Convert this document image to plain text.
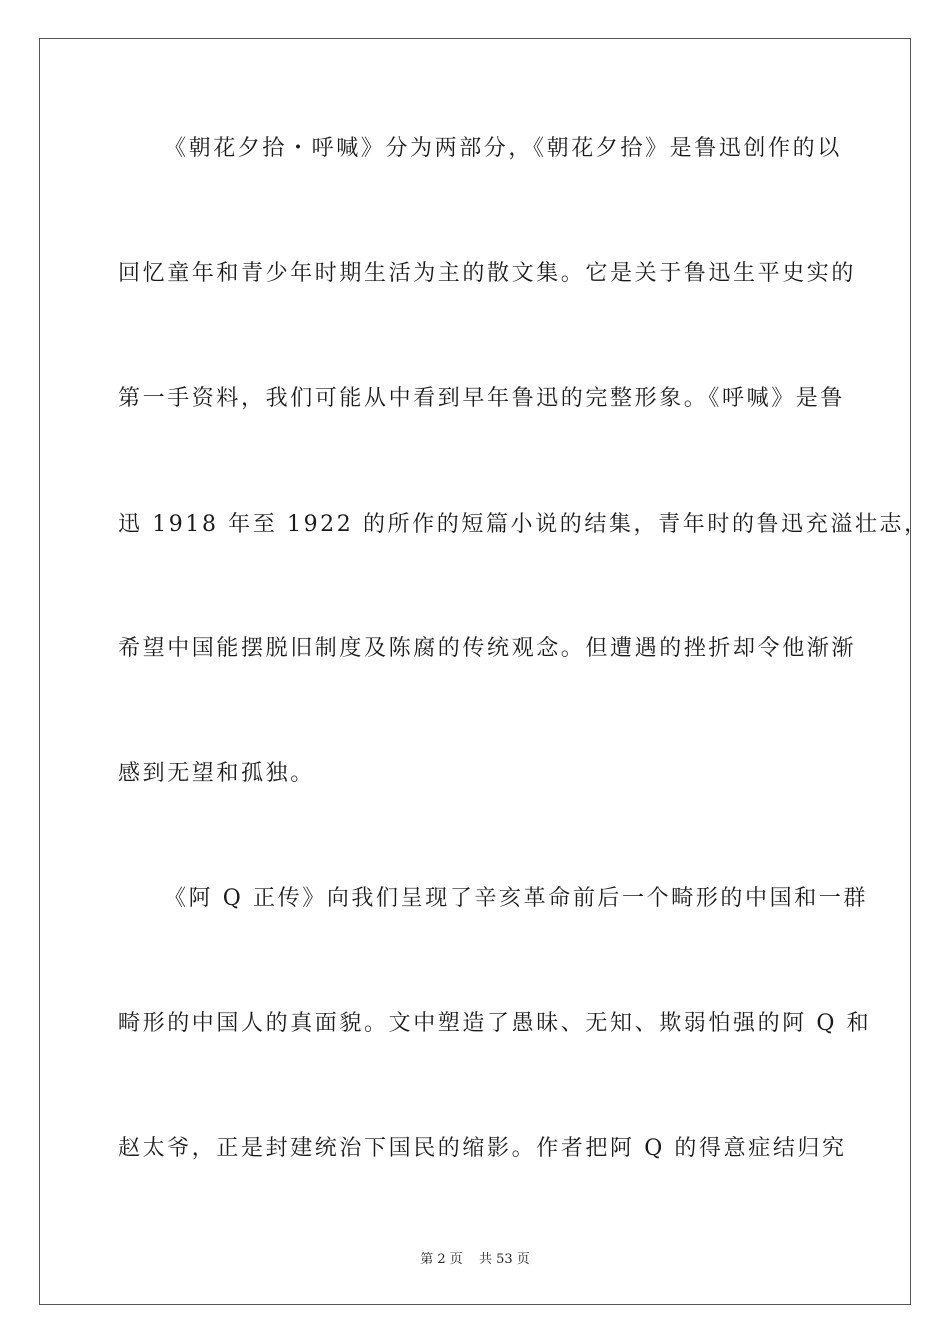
《朝花夕拾・呼喊》分为两部分，《朝花夕拾》是鲁迅创作的以
回忆童年和青少年时期生活为主的散文集。它是关于鲁迅生平史实的
第一手资料，我们可能从中看到早年鲁迅的完整形象。《呼喊》是鲁
迅 1918 年至 1922 的所作的短篇小说的结集，青年时的鲁迅充溢壮志，
希望中国能摆脱旧制度及陈腐的传统观念。但遭遇的挫折却令他渐渐
感到无望和孤独。
《阿 Q 正传》向我们呈现了辛亥革命前后一个畸形的中国和一群
畸形的中国人的真面貌。文中塑造了愚昧、无知、欺弱怕强的阿 Q 和
赵太爷，正是封建统治下国民的缩影。作者把阿 Q 的得意症结归究
第 2 页 共 53 页
